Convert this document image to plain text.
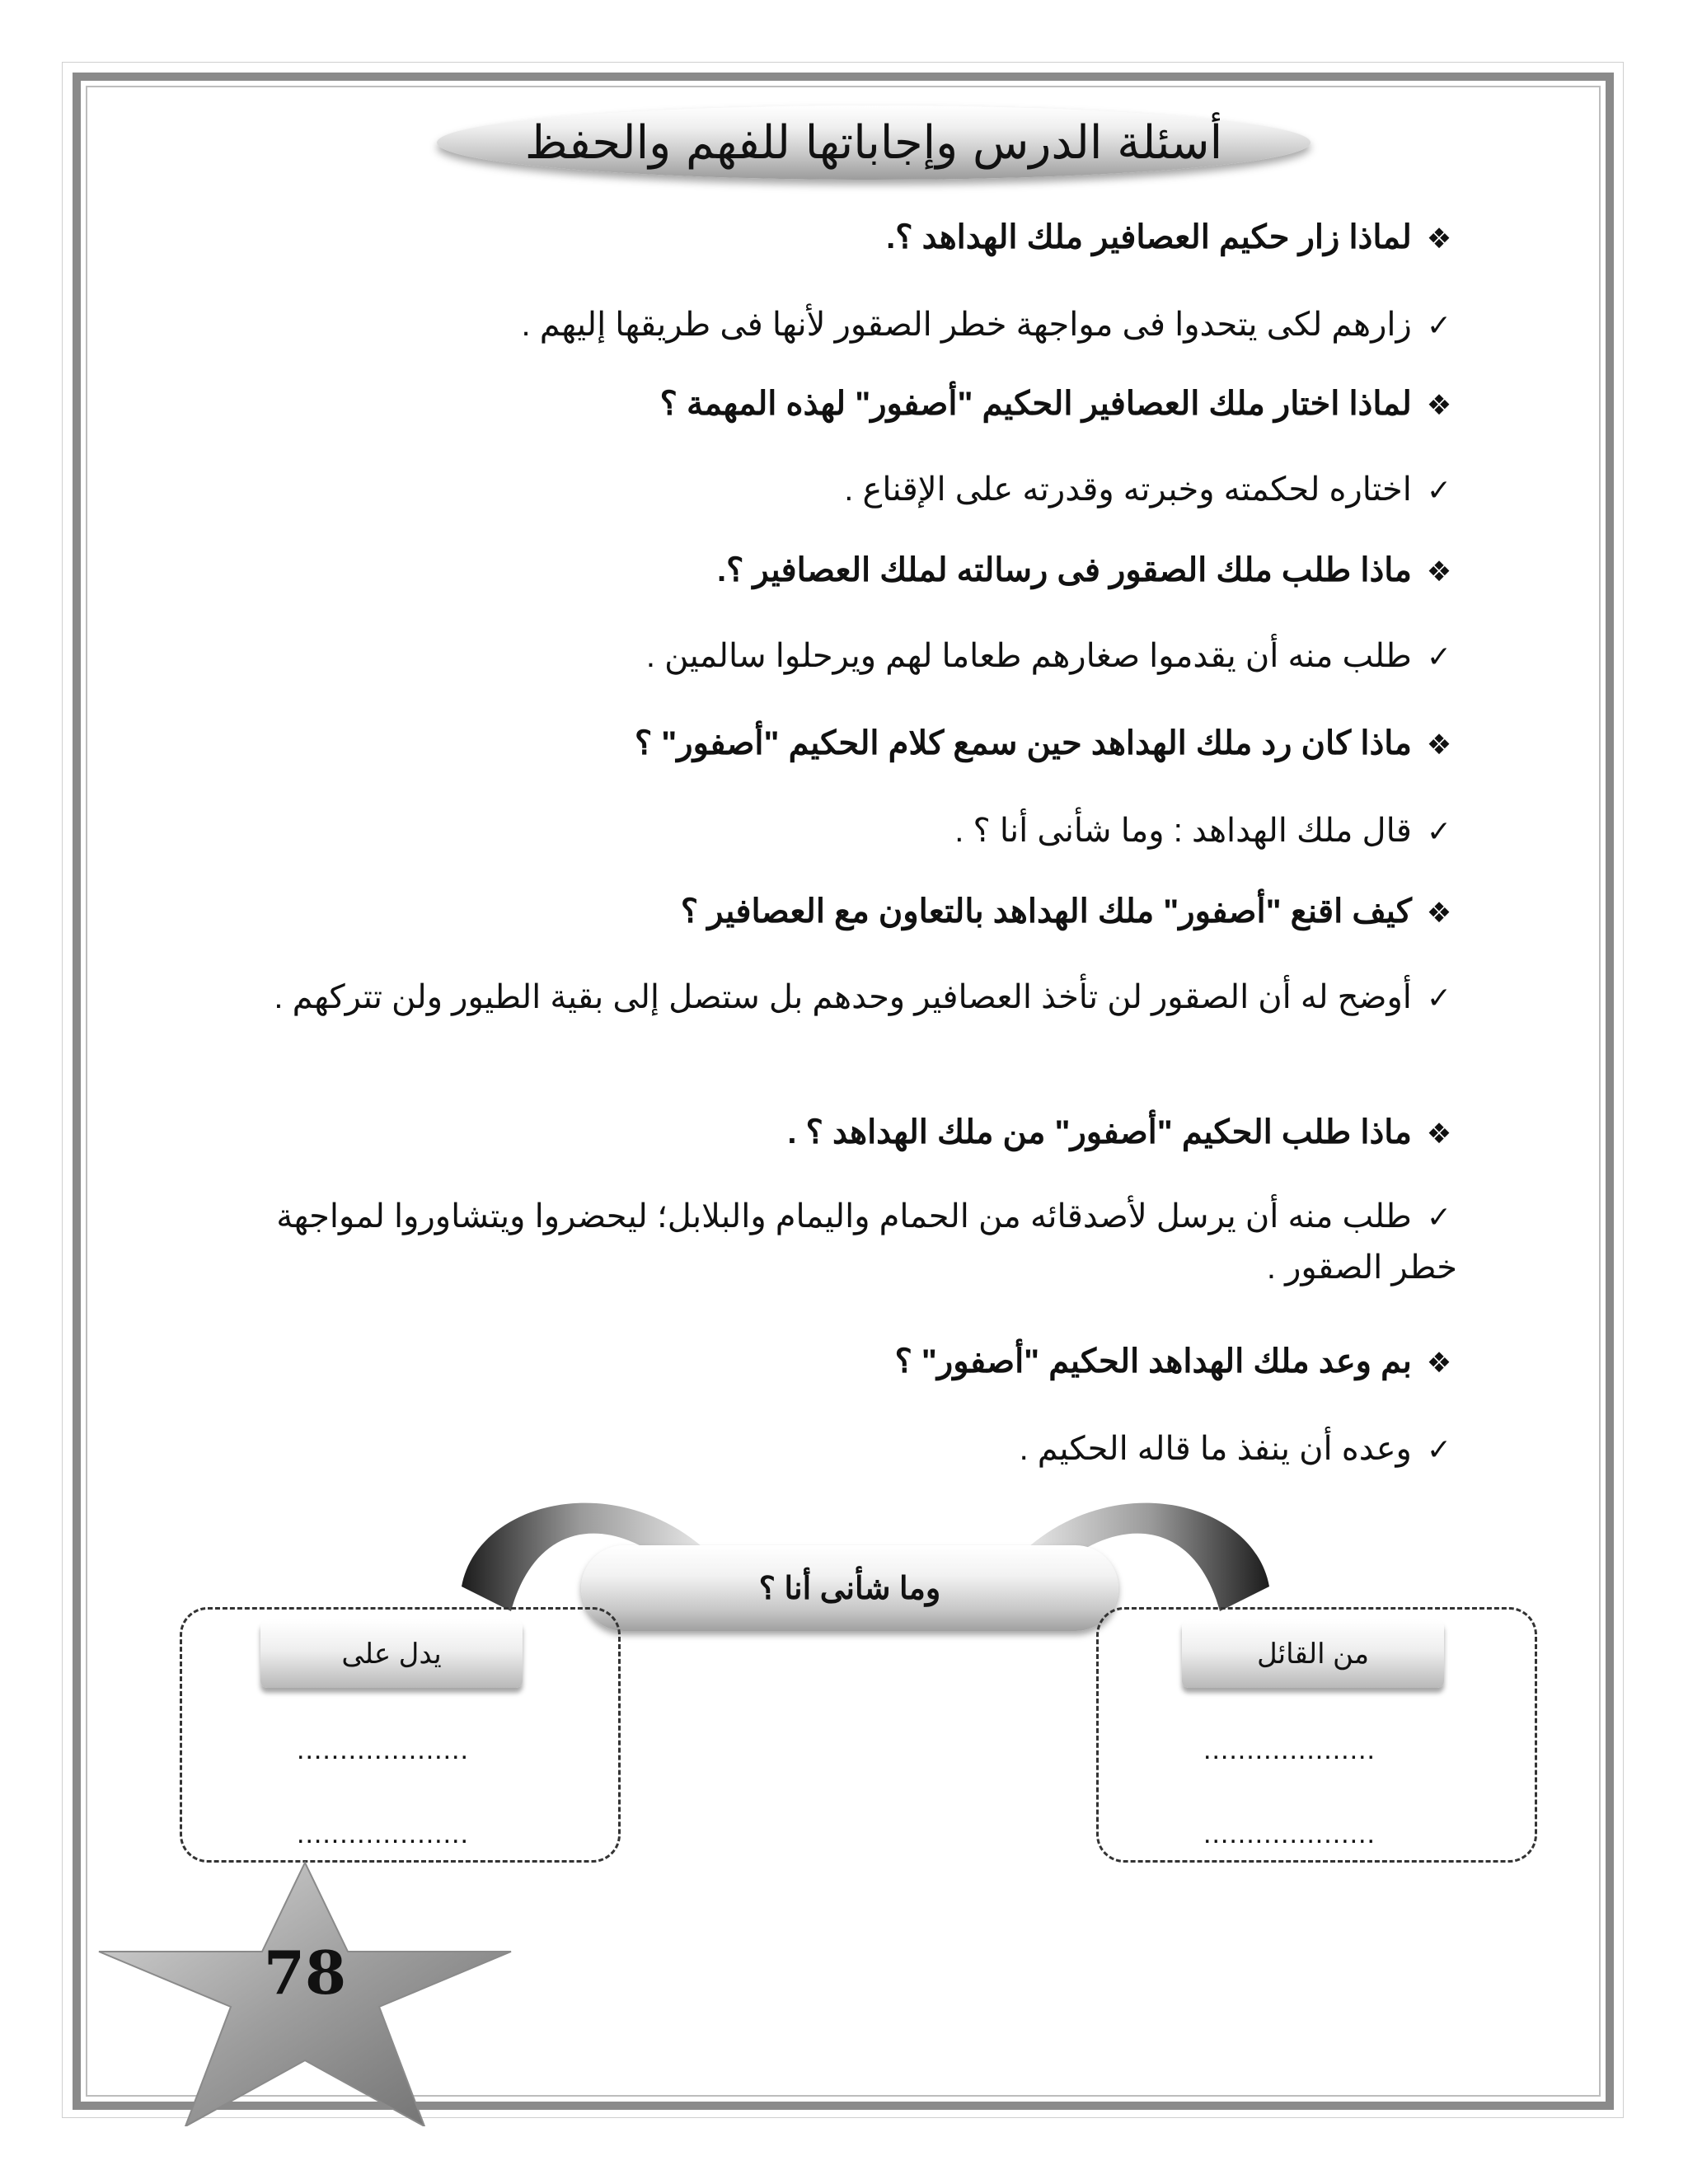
أسئلة الدرس وإجاباتها للفهم والحفظ
❖ لماذا زار حكيم العصافير ملك الهداهد ؟.
✓ زارهم لكى يتحدوا فى مواجهة خطر الصقور لأنها فى طريقها إليهم .
❖ لماذا اختار ملك العصافير الحكيم "أصفور" لهذه المهمة ؟
✓ اختاره لحكمته وخبرته وقدرته على الإقناع .
❖ ماذا طلب ملك الصقور فى رسالته لملك العصافير ؟.
✓ طلب منه أن يقدموا صغارهم طعاما لهم ويرحلوا سالمين .
❖ ماذا كان رد ملك الهداهد حين سمع كلام الحكيم "أصفور" ؟
✓ قال ملك الهداهد : وما شأنى أنا ؟ .
❖ كيف اقنع "أصفور" ملك الهداهد بالتعاون مع العصافير ؟
✓ أوضح له أن الصقور لن تأخذ العصافير وحدهم بل ستصل إلى بقية الطيور ولن تتركهم .
❖ ماذا طلب الحكيم "أصفور" من ملك الهداهد ؟ .
✓ طلب منه أن يرسل لأصدقائه من الحمام واليمام والبلابل؛ ليحضروا ويتشاوروا لمواجهة خطر الصقور .
❖ بم وعد ملك الهداهد الحكيم "أصفور" ؟
✓ وعده أن ينفذ ما قاله الحكيم .
وما شأنى أنا ؟
يدل على	من القائل
....................
....................
....................
....................
78
